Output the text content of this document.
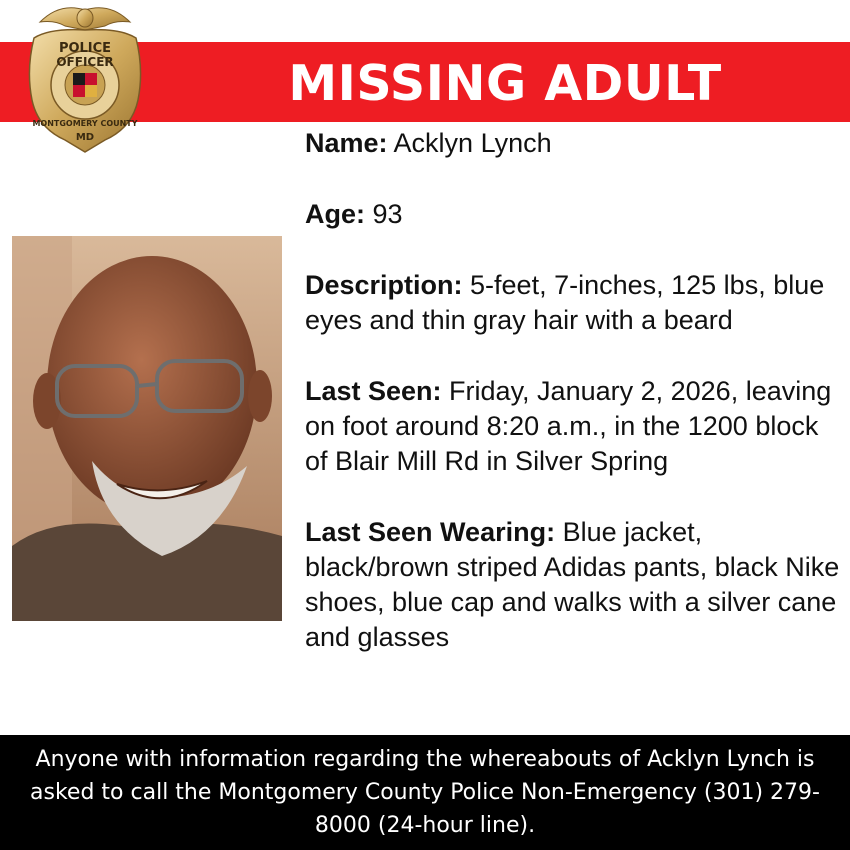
MISSING ADULT
POLICE
OFFICER
MONTGOMERY COUNTY
MD	Name: Acklyn Lynch

Age: 93

Description: 5-feet, 7-inches, 125 lbs, blue eyes and thin gray hair with a beard

Last Seen: Friday, January 2, 2026, leaving on foot around 8:20 a.m., in the 1200 block of Blair Mill Rd in Silver Spring

Last Seen Wearing: Blue jacket, black/brown striped Adidas pants, black Nike shoes, blue cap and walks with a silver cane and glasses

Anyone with information regarding the whereabouts of Acklyn Lynch is asked to call the Montgomery County Police Non-Emergency (301) 279-8000 (24-hour line).
